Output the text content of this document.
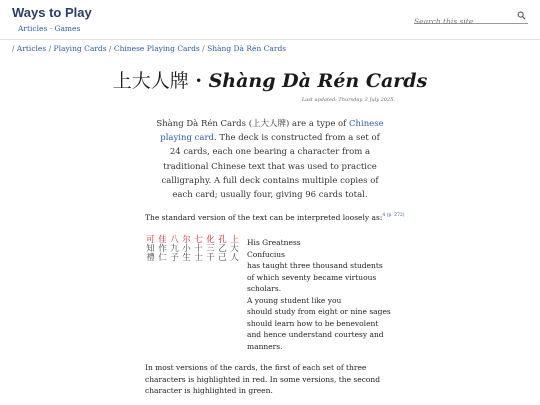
Ways to Play
Articles · Games
Search this site
/ Articles / Playing Cards / Chinese Playing Cards / Shàng Dà Rén Cards
上大人牌 · Shàng Dà Rén Cards
Last updated: Thursday, 3 July 2025.

Shàng Dà Rén Cards (上大人牌) are a type of Chinese playing card. The deck is constructed from a set of 24 cards, each one bearing a character from a traditional Chinese text that was used to practice calligraphy. A full deck contains multiple copies of each card; usually four, giving 96 cards total.

The standard version of the text can be interpreted loosely as:$^{4 (p. 272)}$

上
大
人
孔
乙
己
化
三
千
七
十
士
尔
小
生
八
九
子
佳
作
仁
可
知
禮
His Greatness
Confucius
has taught three thousand students
of which seventy became virtuous
scholars.
A young student like you
should study from eight or nine sages
should learn how to be benevolent
and hence understand courtesy and
manners.

In most versions of the cards, the first of each set of three characters is highlighted in red. In some versions, the second character is highlighted in green.
